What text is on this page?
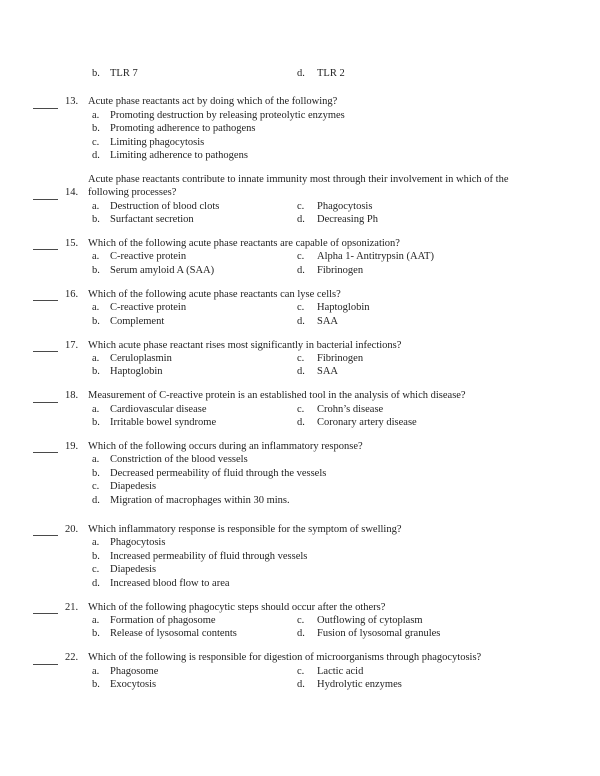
b. TLR 7	d.	TLR 2
13. Acute phase reactants act by doing which of the following?
a.	Promoting destruction by releasing proteolytic enzymes
b. Promoting adherence to pathogens
c.	Limiting phagocytosis
d. Limiting adherence to pathogens
14.
Acute phase reactants contribute to innate immunity most through their involvement in which of the
following processes?
a.	Destruction of blood clots	c.	Phagocytosis
b. Surfactant secretion	d.	Decreasing Ph
15. Which of the following acute phase reactants are capable of opsonization?
a.	C-reactive protein	c.	Alpha 1- Antitrypsin (AAT)
b. Serum amyloid A (SAA)	d.	Fibrinogen
16. Which of the following acute phase reactants can lyse cells?
a.	C-reactive protein	c.	Haptoglobin
b. Complement	d.	SAA
17. Which acute phase reactant rises most significantly in bacterial infections?
a.	Ceruloplasmin	c.	Fibrinogen
b. Haptoglobin	d.	SAA
18. Measurement of C-reactive protein is an established tool in the analysis of which disease?
a.	Cardiovascular disease	c.	Crohn’s disease
b. Irritable bowel syndrome	d.	Coronary artery disease
19. Which of the following occurs during an inflammatory response?
a.	Constriction of the blood vessels
b. Decreased permeability of fluid through the vessels
c.	Diapedesis
d. Migration of macrophages within 30 mins.
20. Which inflammatory response is responsible for the symptom of swelling?
a.	Phagocytosis
b. Increased permeability of fluid through vessels
c.	Diapedesis
d. Increased blood flow to area
21. Which of the following phagocytic steps should occur after the others?
a.	Formation of phagosome	c.	Outflowing of cytoplasm
b. Release of lysosomal contents	d.	Fusion of lysosomal granules
22. Which of the following is responsible for digestion of microorganisms through phagocytosis?
a.	Phagosome	c.	Lactic acid
b. Exocytosis	d.	Hydrolytic enzymes
